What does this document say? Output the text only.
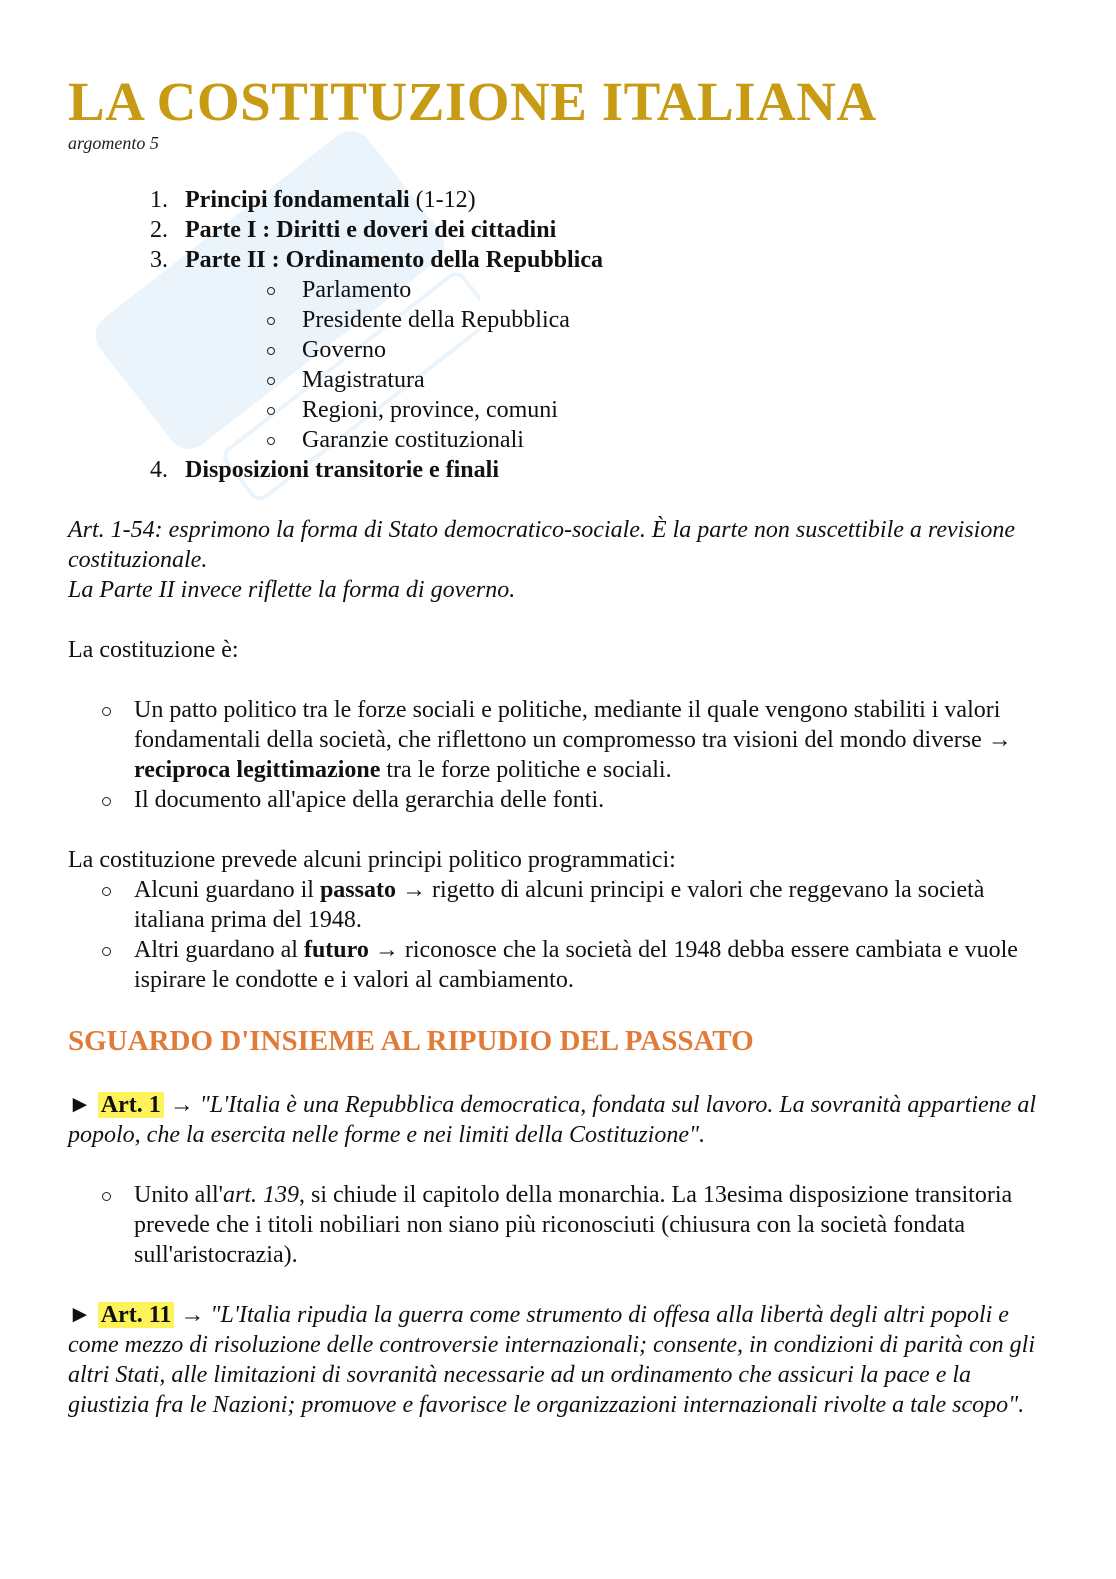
LA COSTITUZIONE ITALIANA
argomento 5
1. Principi fondamentali (1-12)
2. Parte I : Diritti e doveri dei cittadini
3. Parte II : Ordinamento della Repubblica
Parlamento
Presidente della Repubblica
Governo
Magistratura
Regioni, province, comuni
Garanzie costituzionali
4. Disposizioni transitorie e finali
Art. 1-54: esprimono la forma di Stato democratico-sociale. È la parte non suscettibile a revisione costituzionale.
La Parte II invece riflette la forma di governo.
La costituzione è:
Un patto politico tra le forze sociali e politiche, mediante il quale vengono stabiliti i valori fondamentali della società, che riflettono un compromesso tra visioni del mondo diverse → reciproca legittimazione tra le forze politiche e sociali.
Il documento all'apice della gerarchia delle fonti.
La costituzione prevede alcuni principi politico programmatici:
Alcuni guardano il passato → rigetto di alcuni principi e valori che reggevano la società italiana prima del 1948.
Altri guardano al futuro → riconosce che la società del 1948 debba essere cambiata e vuole ispirare le condotte e i valori al cambiamento.
SGUARDO D'INSIEME AL RIPUDIO DEL PASSATO
► Art. 1 → "L'Italia è una Repubblica democratica, fondata sul lavoro. La sovranità appartiene al popolo, che la esercita nelle forme e nei limiti della Costituzione".
Unito all'art. 139, si chiude il capitolo della monarchia. La 13esima disposizione transitoria prevede che i titoli nobiliari non siano più riconosciuti (chiusura con la società fondata sull'aristocrazia).
► Art. 11 → "L'Italia ripudia la guerra come strumento di offesa alla libertà degli altri popoli e come mezzo di risoluzione delle controversie internazionali; consente, in condizioni di parità con gli altri Stati, alle limitazioni di sovranità necessarie ad un ordinamento che assicuri la pace e la giustizia fra le Nazioni; promuove e favorisce le organizzazioni internazionali rivolte a tale scopo".
